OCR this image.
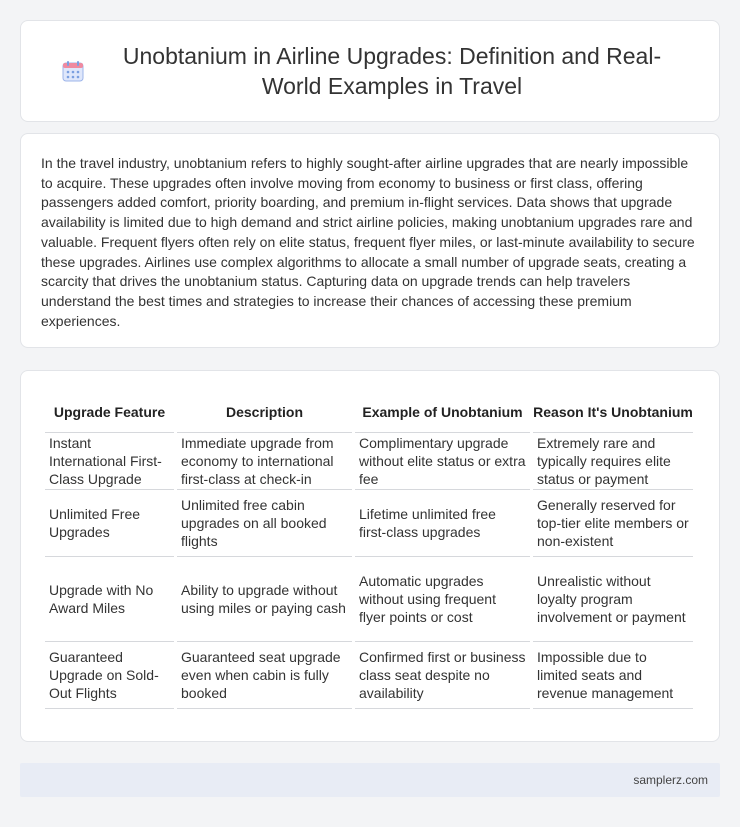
Unobtanium in Airline Upgrades: Definition and Real-World Examples in Travel

In the travel industry, unobtanium refers to highly sought-after airline upgrades that are nearly impossible to acquire. These upgrades often involve moving from economy to business or first class, offering passengers added comfort, priority boarding, and premium in-flight services. Data shows that upgrade availability is limited due to high demand and strict airline policies, making unobtanium upgrades rare and valuable. Frequent flyers often rely on elite status, frequent flyer miles, or last-minute availability to secure these upgrades. Airlines use complex algorithms to allocate a small number of upgrade seats, creating a scarcity that drives the unobtanium status. Capturing data on upgrade trends can help travelers understand the best times and strategies to increase their chances of accessing these premium experiences.

Upgrade Feature	Description	Example of Unobtanium	Reason It's Unobtanium
Instant International First-Class Upgrade	Immediate upgrade from economy to international first-class at check-in	Complimentary upgrade without elite status or extra fee	Extremely rare and typically requires elite status or payment
Unlimited Free Upgrades	Unlimited free cabin upgrades on all booked flights	Lifetime unlimited free first-class upgrades	Generally reserved for top-tier elite members or non-existent
Upgrade with No Award Miles	Ability to upgrade without using miles or paying cash	Automatic upgrades without using frequent flyer points or cost	Unrealistic without loyalty program involvement or payment
Guaranteed Upgrade on Sold-Out Flights	Guaranteed seat upgrade even when cabin is fully booked	Confirmed first or business class seat despite no availability	Impossible due to limited seats and revenue management
samplerz.com
